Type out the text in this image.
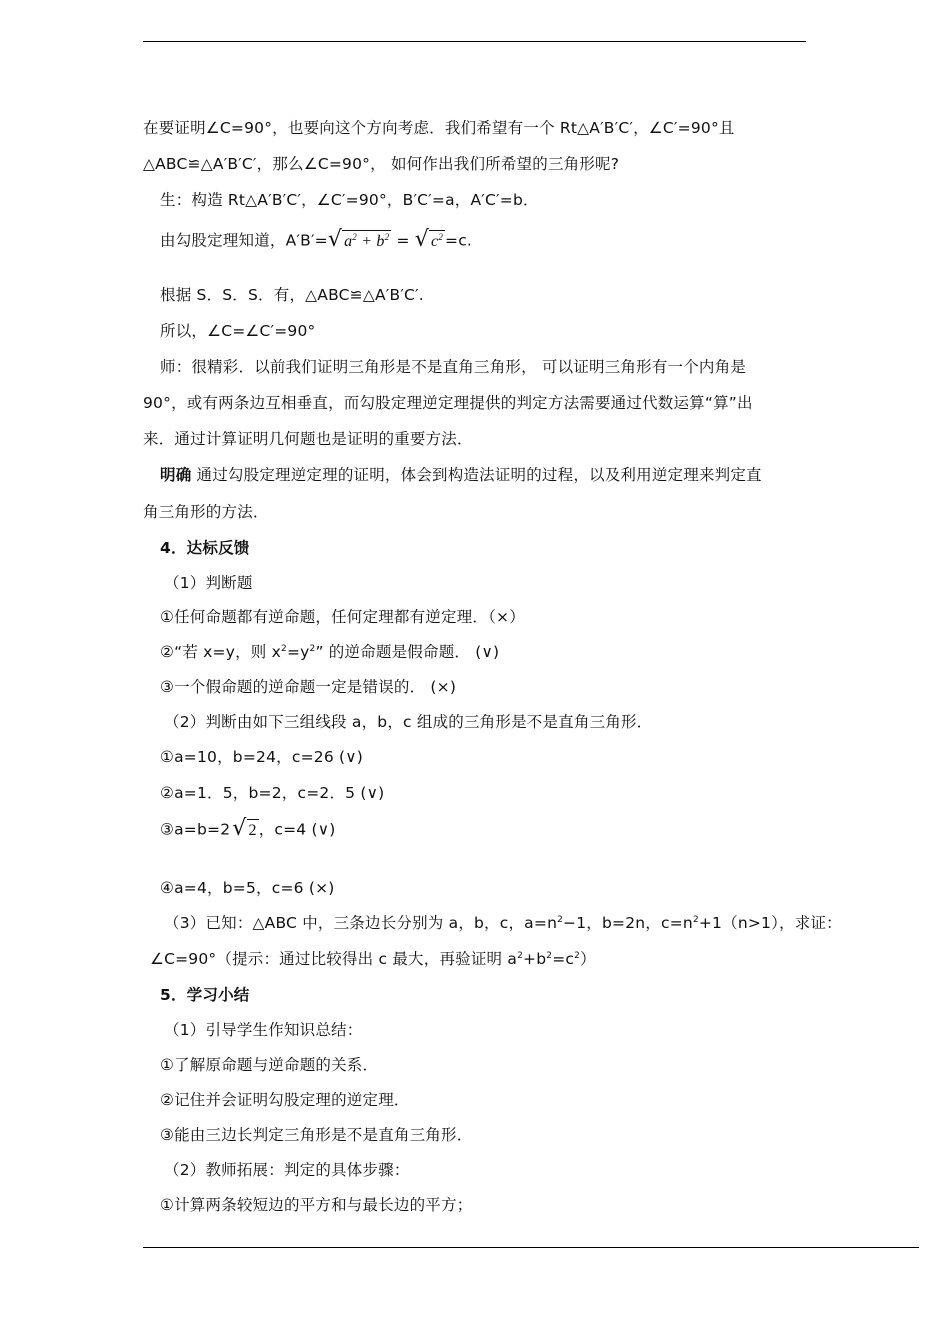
在要证明∠C=90°，也要向这个方向考虑．我们希望有一个 Rt△A′B′C′，∠C′=90°且
△ABC≌△A′B′C′，那么∠C=90°， 如何作出我们所希望的三角形呢?
生：构造 Rt△A′B′C′，∠C′=90°，B′C′=a，A′C′=b．
由勾股定理知道，A′B′=√ $a^2 + b^2$ = √ $c^2 =c$.
根据 S．S．S．有，△ABC≌△A′B′C′.
所以，∠C=∠C′=90°
师：很精彩．以前我们证明三角形是不是直角三角形， 可以证明三角形有一个内角是
90°，或有两条边互相垂直，而勾股定理逆定理提供的判定方法需要通过代数运算“算”出
来．通过计算证明几何题也是证明的重要方法．
明确 通过勾股定理逆定理的证明，体会到构造法证明的过程，以及利用逆定理来判定直
角三角形的方法．
4．达标反馈
（1）判断题
①任何命题都有逆命题，任何定理都有逆定理．（×）
②“若 x=y，则 $x^2=y^2$” 的逆命题是假命题． (∨)
③一个假命题的逆命题一定是错误的． (×)
（2）判断由如下三组线段 a，b，c 组成的三角形是不是直角三角形．
①a=10，b=24，c=26 (∨)
②a=1．5，b=2，c=2．5 (∨)
③a=b=2√ 2 ，c=4 (∨)
④a=4，b=5，c=6 (×)
（3）已知：△ABC 中，三条边长分别为 a，b，c，$a=n^2-1$，b=2n，$c=n^2+1(n>1)$，求证：
∠C=90°（提示：通过比较得出 c 最大，再验证明 $a^2+b^2=c^2$）
5．学习小结
（1）引导学生作知识总结：
①了解原命题与逆命题的关系．
②记住并会证明勾股定理的逆定理．
③能由三边长判定三角形是不是直角三角形．
（2）教师拓展：判定的具体步骤：
①计算两条较短边的平方和与最长边的平方；
